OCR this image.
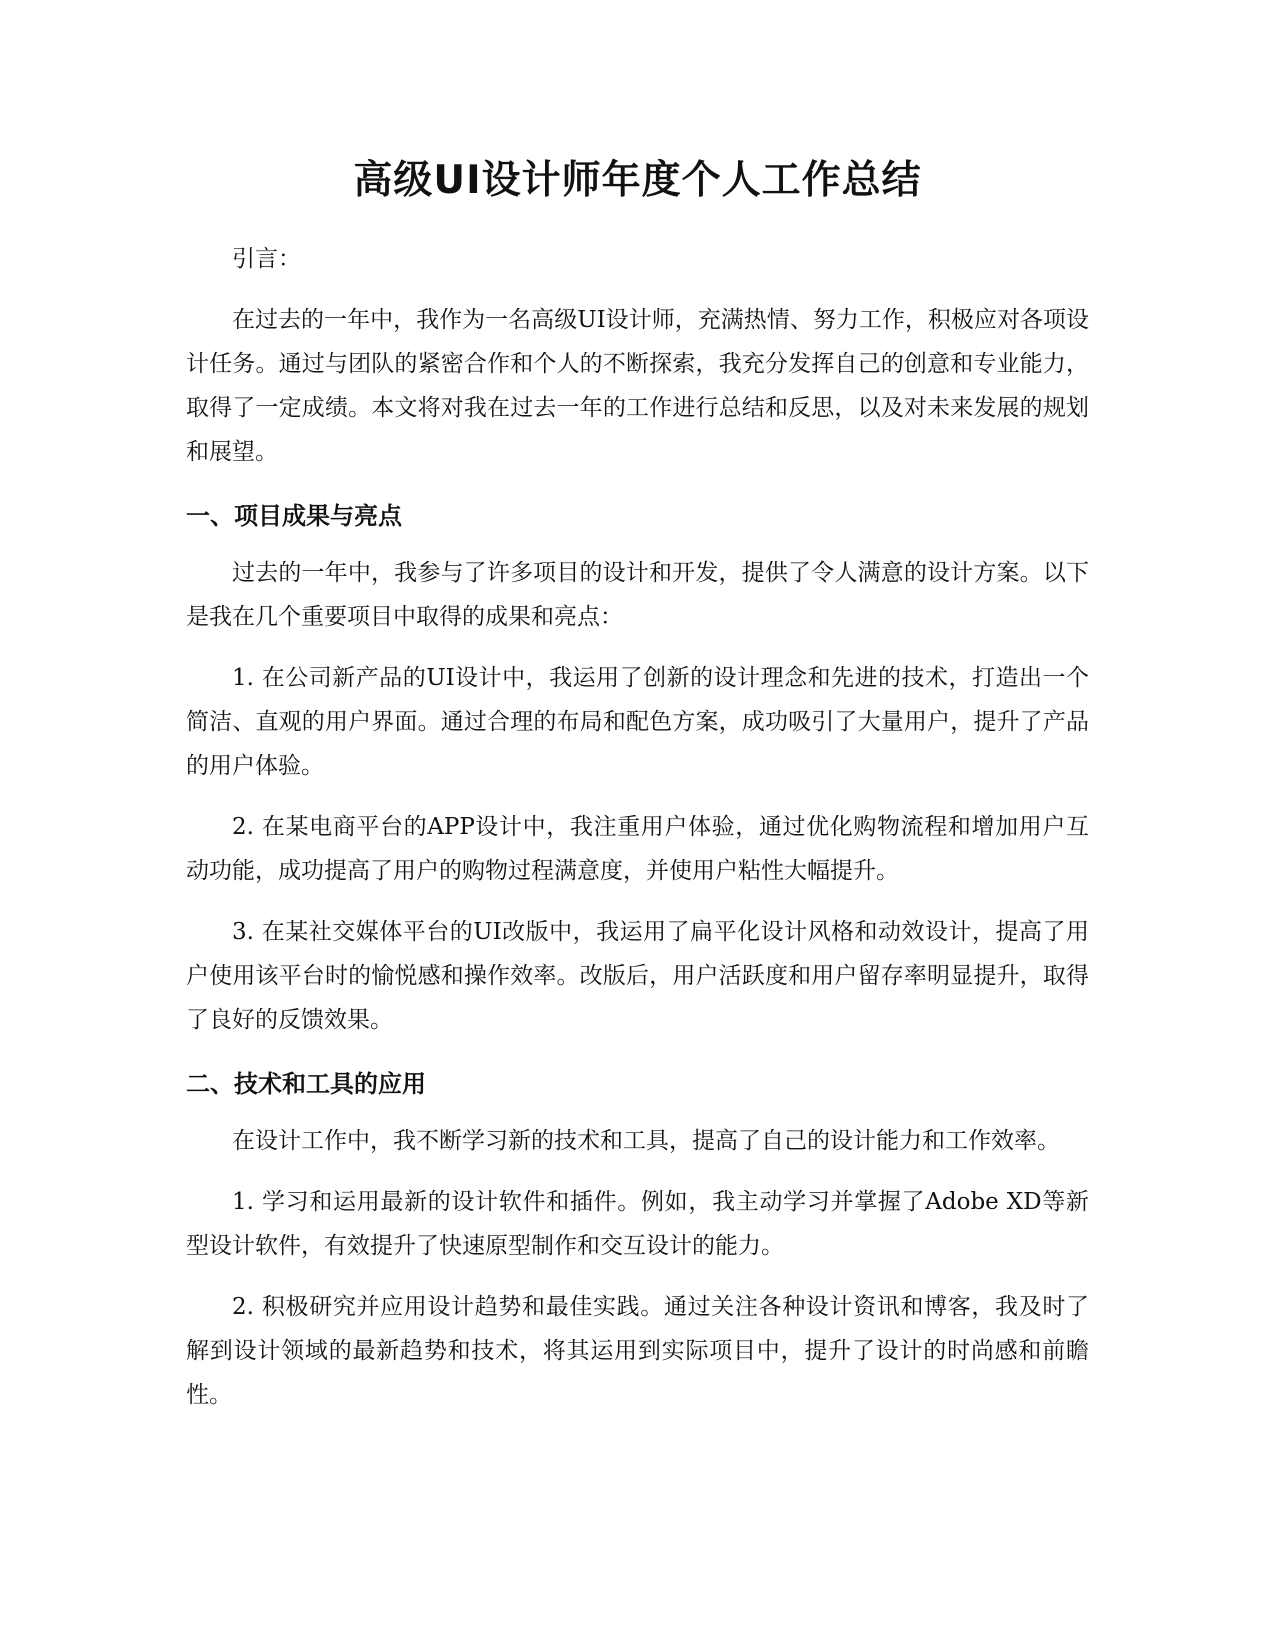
高级UI设计师年度个人工作总结

引言：

在过去的一年中，我作为一名高级UI设计师，充满热情、努力工作，积极应对各项设计任务。通过与团队的紧密合作和个人的不断探索，我充分发挥自己的创意和专业能力，取得了一定成绩。本文将对我在过去一年的工作进行总结和反思，以及对未来发展的规划和展望。

一、项目成果与亮点

过去的一年中，我参与了许多项目的设计和开发，提供了令人满意的设计方案。以下是我在几个重要项目中取得的成果和亮点：

1. 在公司新产品的UI设计中，我运用了创新的设计理念和先进的技术，打造出一个简洁、直观的用户界面。通过合理的布局和配色方案，成功吸引了大量用户，提升了产品的用户体验。

2. 在某电商平台的APP设计中，我注重用户体验，通过优化购物流程和增加用户互动功能，成功提高了用户的购物过程满意度，并使用户粘性大幅提升。

3. 在某社交媒体平台的UI改版中，我运用了扁平化设计风格和动效设计，提高了用户使用该平台时的愉悦感和操作效率。改版后，用户活跃度和用户留存率明显提升，取得了良好的反馈效果。

二、技术和工具的应用

在设计工作中，我不断学习新的技术和工具，提高了自己的设计能力和工作效率。

1. 学习和运用最新的设计软件和插件。例如，我主动学习并掌握了Adobe XD等新型设计软件，有效提升了快速原型制作和交互设计的能力。

2. 积极研究并应用设计趋势和最佳实践。通过关注各种设计资讯和博客，我及时了解到设计领域的最新趋势和技术，将其运用到实际项目中，提升了设计的时尚感和前瞻性。
